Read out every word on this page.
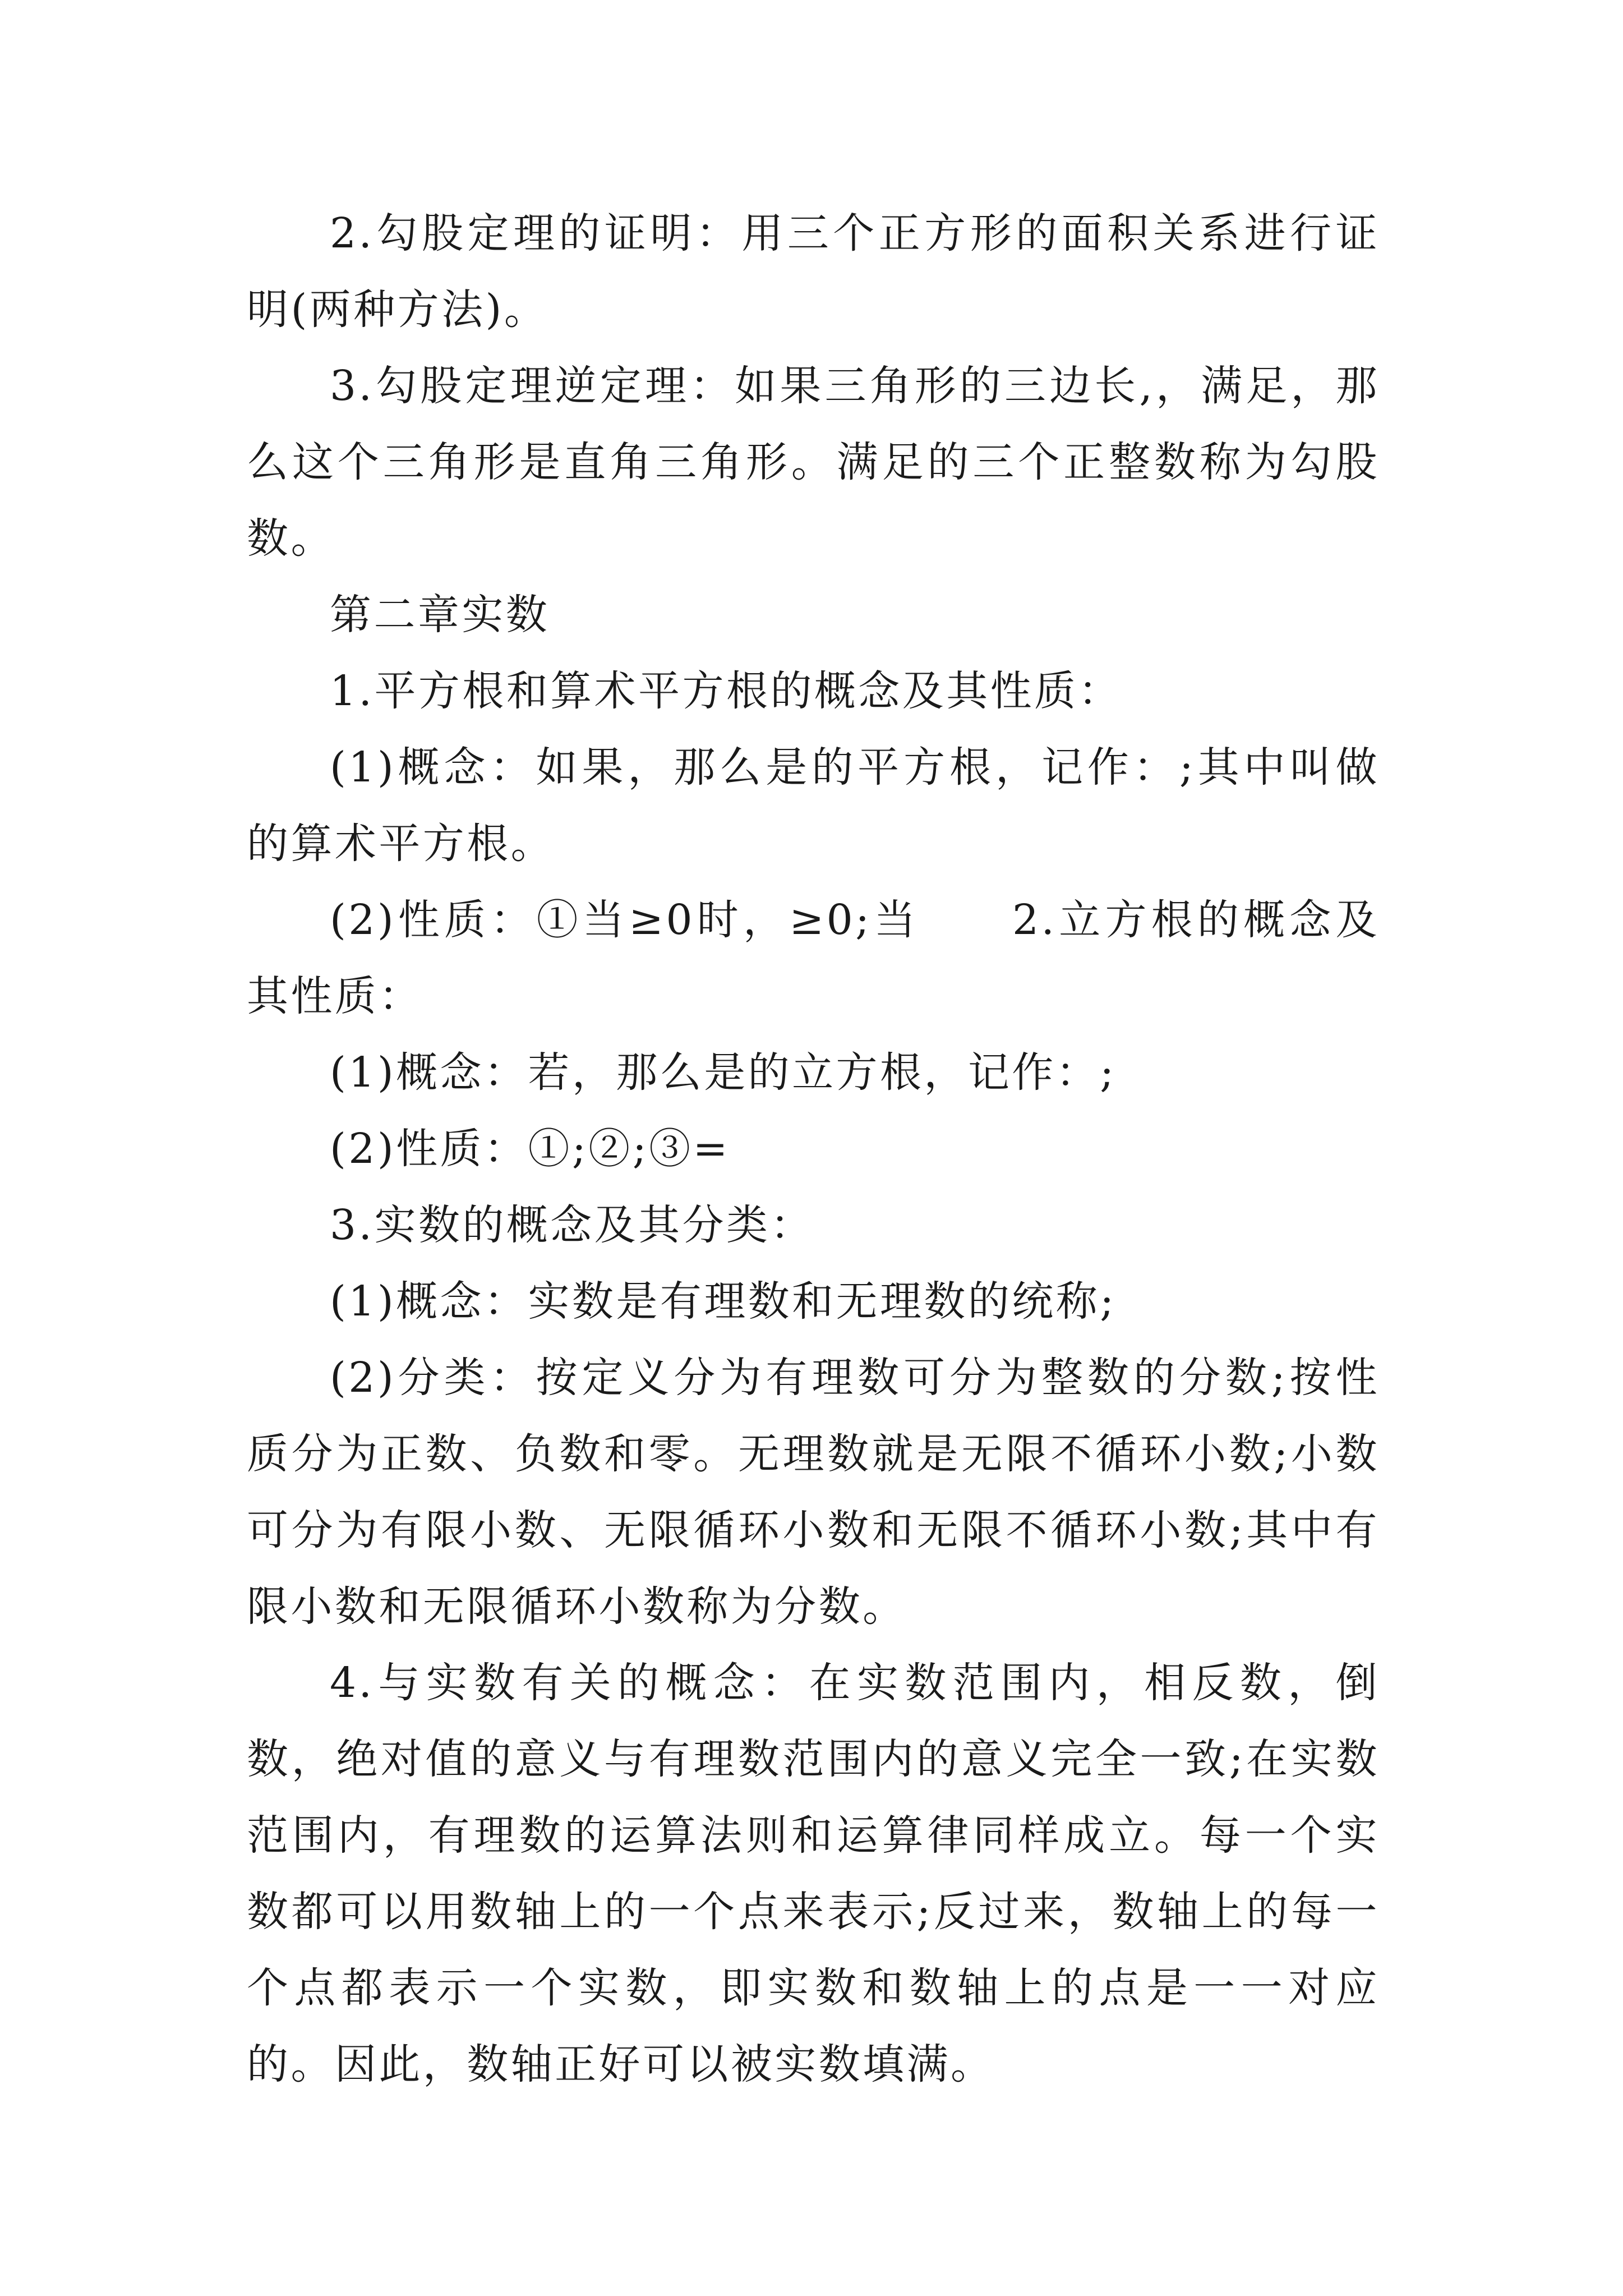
2.勾股定理的证明：用三个正方形的面积关系进行证明(两种方法)。

3.勾股定理逆定理：如果三角形的三边长,，满足，那么这个三角形是直角三角形。满足的三个正整数称为勾股数。

第二章实数

1.平方根和算术平方根的概念及其性质：

(1)概念：如果，那么是的平方根，记作：;其中叫做的算术平方根。

(2)性质：①当≥0时，≥0;当　　2.立方根的概念及其性质：

(1)概念：若，那么是的立方根，记作：;

(2)性质：①;②;③=

3.实数的概念及其分类：

(1)概念：实数是有理数和无理数的统称;

(2)分类：按定义分为有理数可分为整数的分数;按性质分为正数、负数和零。无理数就是无限不循环小数;小数可分为有限小数、无限循环小数和无限不循环小数;其中有限小数和无限循环小数称为分数。

4.与实数有关的概念：在实数范围内，相反数，倒数，绝对值的意义与有理数范围内的意义完全一致;在实数范围内，有理数的运算法则和运算律同样成立。每一个实数都可以用数轴上的一个点来表示;反过来，数轴上的每一个点都表示一个实数，即实数和数轴上的点是一一对应的。因此，数轴正好可以被实数填满。
